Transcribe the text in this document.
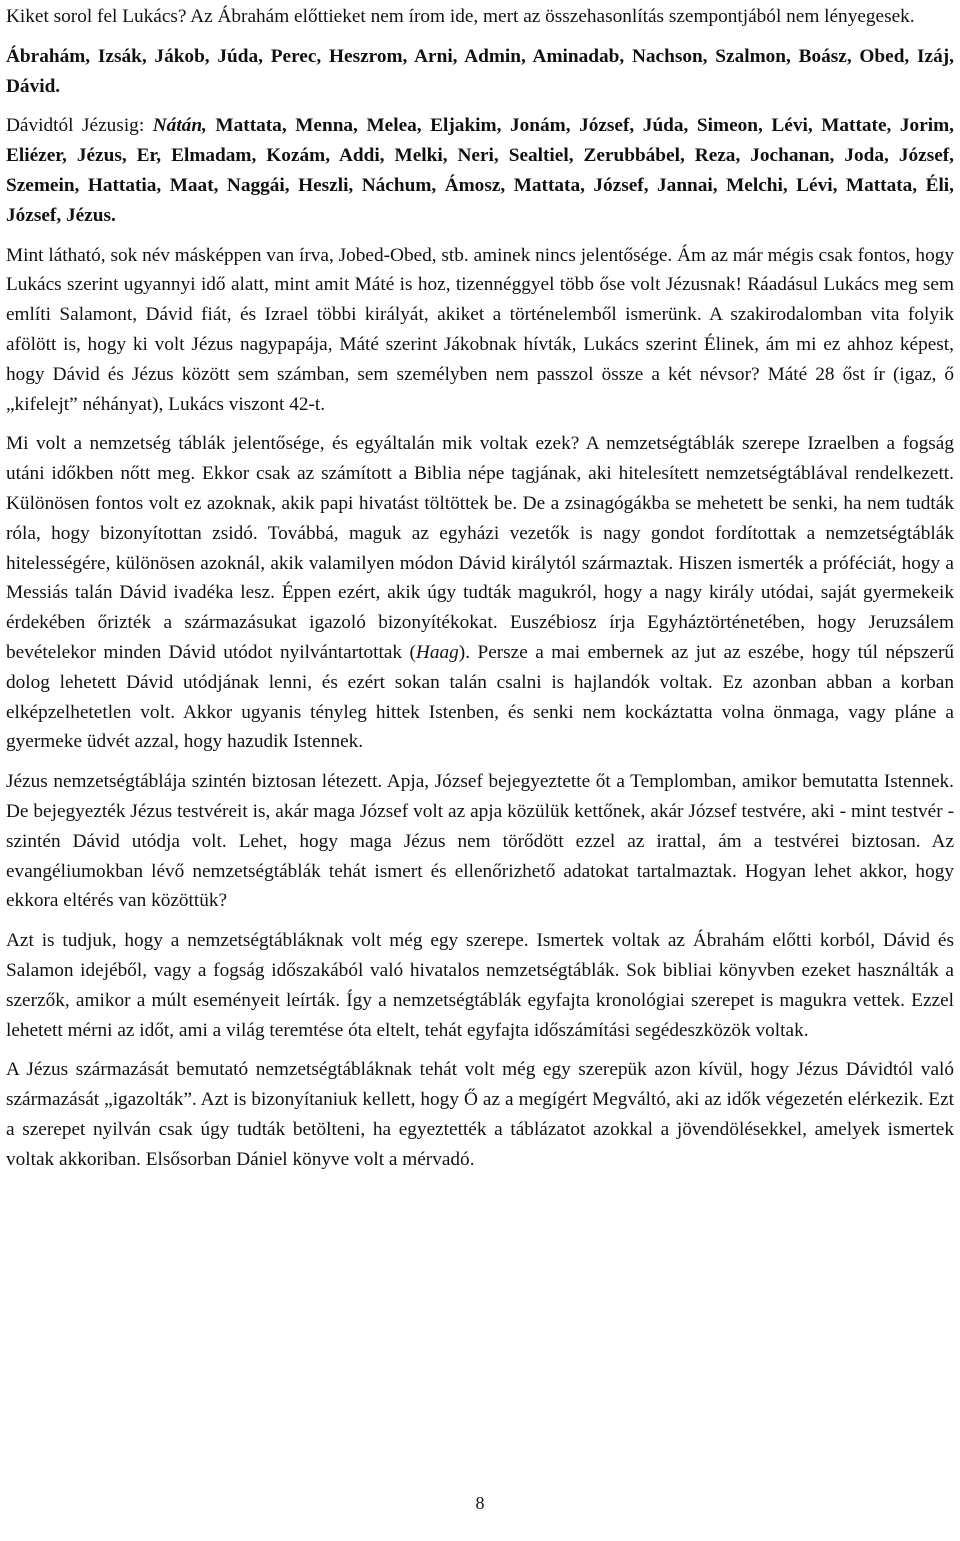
Kiket sorol fel Lukács? Az Ábrahám előttieket nem írom ide, mert az összehasonlítás szempontjából nem lényegesek.

Ábrahám, Izsák, Jákob, Júda, Perec, Heszrom, Arni, Admin, Aminadab, Nachson, Szalmon, Boász, Obed, Izáj, Dávid.

Dávidtól Jézusig: Nátán, Mattata, Menna, Melea, Eljakim, Jonám, József, Júda, Simeon, Lévi, Mattate, Jorim, Eliézer, Jézus, Er, Elmadam, Kozám, Addi, Melki, Neri, Sealtiel, Zerubbábel, Reza, Jochanan, Joda, József, Szemein, Hattatia, Maat, Naggái, Heszli, Náchum, Ámosz, Mattata, József, Jannai, Melchi, Lévi, Mattata, Éli, József, Jézus.

Mint látható, sok név másképpen van írva, Jobed-Obed, stb. aminek nincs jelentősége. Ám az már mégis csak fontos, hogy Lukács szerint ugyannyi idő alatt, mint amit Máté is hoz, tizennéggyel több őse volt Jézusnak! Ráadásul Lukács meg sem említi Salamont, Dávid fiát, és Izrael többi királyát, akiket a történelemből ismerünk. A szakirodalomban vita folyik afölött is, hogy ki volt Jézus nagypapája, Máté szerint Jákobnak hívták, Lukács szerint Élinek, ám mi ez ahhoz képest, hogy Dávid és Jézus között sem számban, sem személyben nem passzol össze a két névsor? Máté 28 őst ír (igaz, ő „kifelejt” néhányat), Lukács viszont 42-t.

Mi volt a nemzetség táblák jelentősége, és egyáltalán mik voltak ezek? A nemzetségtáblák szerepe Izraelben a fogság utáni időkben nőtt meg. Ekkor csak az számított a Biblia népe tagjának, aki hitelesített nemzetségtáblával rendelkezett. Különösen fontos volt ez azoknak, akik papi hivatást töltöttek be. De a zsinagógákba se mehetett be senki, ha nem tudták róla, hogy bizonyítottan zsidó. Továbbá, maguk az egyházi vezetők is nagy gondot fordítottak a nemzetségtáblák hitelességére, különösen azoknál, akik valamilyen módon Dávid királytól származtak. Hiszen ismerték a próféciát, hogy a Messiás talán Dávid ivadéka lesz. Éppen ezért, akik úgy tudták magukról, hogy a nagy király utódai, saját gyermekeik érdekében őrizték a származásukat igazoló bizonyítékokat. Euszébiosz írja Egyháztörténetében, hogy Jeruzsálem bevételekor minden Dávid utódot nyilvántartottak (Haag). Persze a mai embernek az jut az eszébe, hogy túl népszerű dolog lehetett Dávid utódjának lenni, és ezért sokan talán csalni is hajlandók voltak. Ez azonban abban a korban elképzelhetetlen volt. Akkor ugyanis tényleg hittek Istenben, és senki nem kockáztatta volna önmaga, vagy pláne a gyermeke üdvét azzal, hogy hazudik Istennek.

Jézus nemzetségtáblája szintén biztosan létezett. Apja, József bejegyeztette őt a Templomban, amikor bemutatta Istennek. De bejegyezték Jézus testvéreit is, akár maga József volt az apja közülük kettőnek, akár József testvére, aki - mint testvér - szintén Dávid utódja volt. Lehet, hogy maga Jézus nem törődött ezzel az irattal, ám a testvérei biztosan. Az evangéliumokban lévő nemzetségtáblák tehát ismert és ellenőrizhető adatokat tartalmaztak. Hogyan lehet akkor, hogy ekkora eltérés van közöttük?

Azt is tudjuk, hogy a nemzetségtábláknak volt még egy szerepe. Ismertek voltak az Ábrahám előtti korból, Dávid és Salamon idejéből, vagy a fogság időszakából való hivatalos nemzetségtáblák. Sok bibliai könyvben ezeket használták a szerzők, amikor a múlt eseményeit leírták. Így a nemzetségtáblák egyfajta kronológiai szerepet is magukra vettek. Ezzel lehetett mérni az időt, ami a világ teremtése óta eltelt, tehát egyfajta időszámítási segédeszközök voltak.

A Jézus származását bemutató nemzetségtábláknak tehát volt még egy szerepük azon kívül, hogy Jézus Dávidtól való származását „igazolták”. Azt is bizonyítaniuk kellett, hogy Ő az a megígért Megváltó, aki az idők végezetén elérkezik. Ezt a szerepet nyilván csak úgy tudták betölteni, ha egyeztették a táblázatot azokkal a jövendölésekkel, amelyek ismertek voltak akkoriban. Elsősorban Dániel könyve volt a mérvadó.

8
